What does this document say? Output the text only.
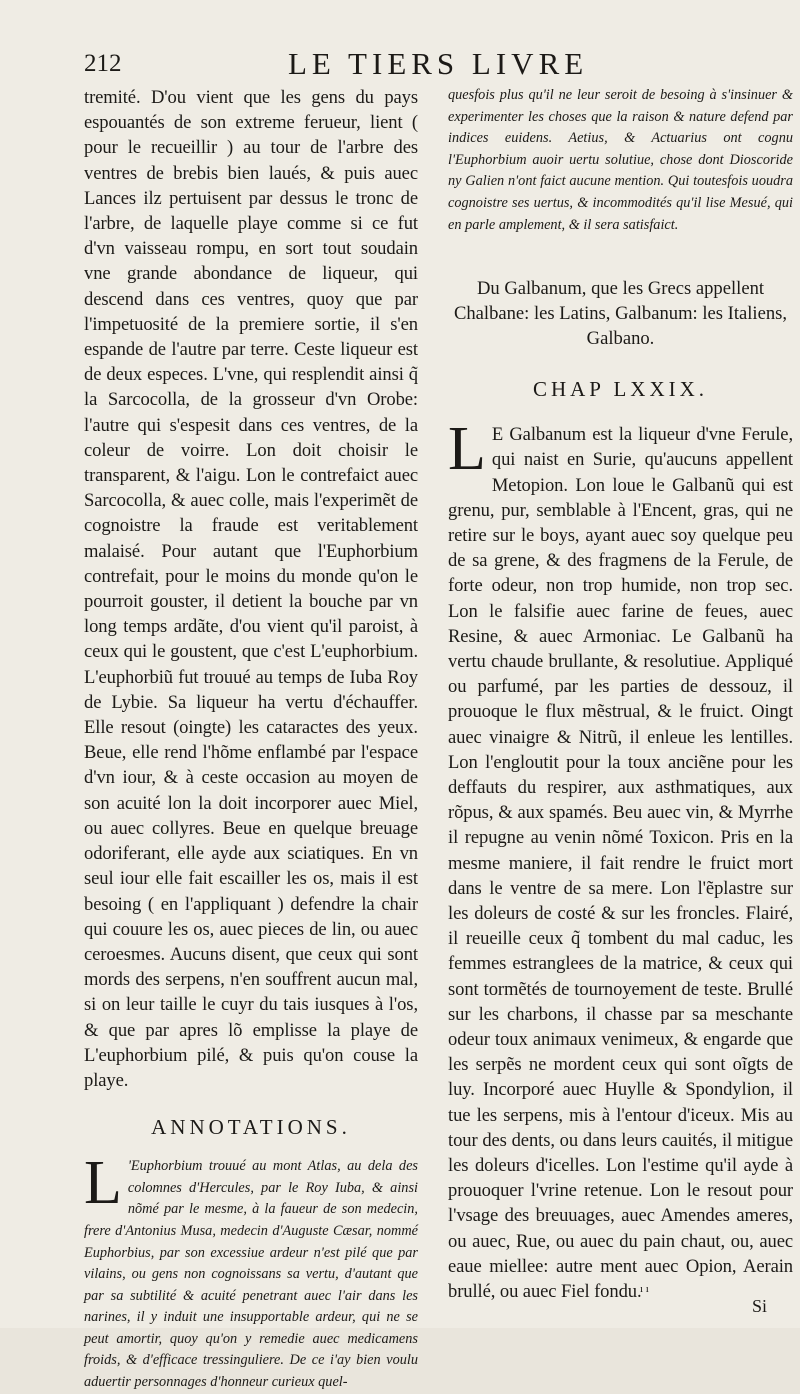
212	LE TIERS LIVRE

tremité. D'ou vient que les gens du pays espouantés de son extreme ferueur, lient ( pour le recueillir ) au tour de l'arbre des ventres de brebis bien laués, & puis auec Lances ilz pertuisent par dessus le tronc de l'arbre, de laquelle playe comme si ce fut d'vn vaisseau rompu, en sort tout soudain vne grande abondance de liqueur, qui descend dans ces ventres, quoy que par l'impetuosité de la premiere sortie, il s'en espande de l'autre par terre. Ceste liqueur est de deux especes. L'vne, qui resplendit ainsi q̃ la Sarcocolla, de la grosseur d'vn Orobe: l'autre qui s'espesit dans ces ventres, de la coleur de voirre. Lon doit choisir le transparent, & l'aigu. Lon le contrefaict auec Sarcocolla, & auec colle, mais l'experimẽt de cognoistre la fraude est veritablement malaisé. Pour autant que l'Euphorbium contrefait, pour le moins du monde qu'on le pourroit gouster, il detient la bouche par vn long temps ardãte, d'ou vient qu'il paroist, à ceux qui le goustent, que c'est L'euphorbium. L'euphorbiũ fut trouué au temps de Iuba Roy de Lybie. Sa liqueur ha vertu d'échauffer. Elle resout (oingte) les cataractes des yeux. Beue, elle rend l'hõme enflambé par l'espace d'vn iour, & à ceste occasion au moyen de son acuité lon la doit incorporer auec Miel, ou auec collyres. Beue en quelque breuage odoriferant, elle ayde aux sciatiques. En vn seul iour elle fait escailler les os, mais il est besoing ( en l'appliquant ) defendre la chair qui couure les os, auec pieces de lin, ou auec ceroesmes. Aucuns disent, que ceux qui sont mords des serpens, n'en souffrent aucun mal, si on leur taille le cuyr du tais iusques à l'os, & que par apres lõ emplisse la playe de L'euphorbium pilé, & puis qu'on couse la playe.

ANNOTATIONS.

L 'Euphorbium trouué au mont Atlas, au dela des colomnes d'Hercules, par le Roy Iuba, & ainsi nõmé par le mesme, à la faueur de son medecin, frere d'Antonius Musa, medecin d'Auguste Cæsar, nommé Euphorbius, par son excessiue ardeur n'est pilé que par vilains, ou gens non cognoissans sa vertu, d'autant que par sa subtilité & acuité penetrant auec l'air dans les narines, il y induit une insupportable ardeur, qui ne se peut amortir, quoy qu'on y remedie auec medicamens froids, & d'efficace tressinguliere. De ce i'ay bien voulu aduertir personnages d'honneur curieux quel-

quesfois plus qu'il ne leur seroit de besoing à s'insinuer & experimenter les choses que la raison & nature defend par indices euidens. Aetius, & Actuarius ont cognu l'Euphorbium auoir uertu solutiue, chose dont Dioscoride ny Galien n'ont faict aucune mention. Qui toutesfois uoudra cognoistre ses uertus, & incommodités qu'il lise Mesué, qui en parle amplement, & il sera satisfaict.

Du Galbanum, que les Grecs appellent Chalbane: les Latins, Galbanum: les Italiens, Galbano.

CHAP LXXIX.

L E Galbanum est la liqueur d'vne Ferule, qui naist en Surie, qu'aucuns appellent Metopion. Lon loue le Galbanũ qui est grenu, pur, semblable à l'Encent, gras, qui ne retire sur le boys, ayant auec soy quelque peu de sa grene, & des fragmens de la Ferule, de forte odeur, non trop humide, non trop sec. Lon le falsifie auec farine de feues, auec Resine, & auec Armoniac. Le Galbanũ ha vertu chaude brullante, & resolutiue. Appliqué ou parfumé, par les parties de dessouz, il prouoque le flux mẽstrual, & le fruict. Oingt auec vinaigre & Nitrũ, il enleue les lentilles. Lon l'engloutit pour la toux anciẽne pour les deffauts du respirer, aux asthmatiques, aux rõpus, & aux spamés. Beu auec vin, & Myrrhe il repugne au venin nõmé Toxicon. Pris en la mesme maniere, il fait rendre le fruict mort dans le ventre de sa mere. Lon l'ẽplastre sur les doleurs de costé & sur les froncles. Flairé, il reueille ceux q̃ tombent du mal caduc, les femmes estranglees de la matrice, & ceux qui sont tormẽtés de tournoyement de teste. Brullé sur les charbons, il chasse par sa meschante odeur toux animaux venimeux, & engarde que les serpẽs ne mordent ceux qui sont oĩgts de luy. Incorporé auec Huylle & Spondylion, il tue les serpens, mis à l'entour d'iceux. Mis au tour des dents, ou dans leurs cauités, il mitigue les doleurs d'icelles. Lon l'estime qu'il ayde à prouoquer l'vrine retenue. Lon le resout pour l'vsage des breuuages, auec Amendes ameres, ou auec, Rue, ou auec du pain chaut, ou, auec eaue miellee: autre ment auec Opion, Aerain brullé, ou auec Fiel fondu.

ı ı
Si
